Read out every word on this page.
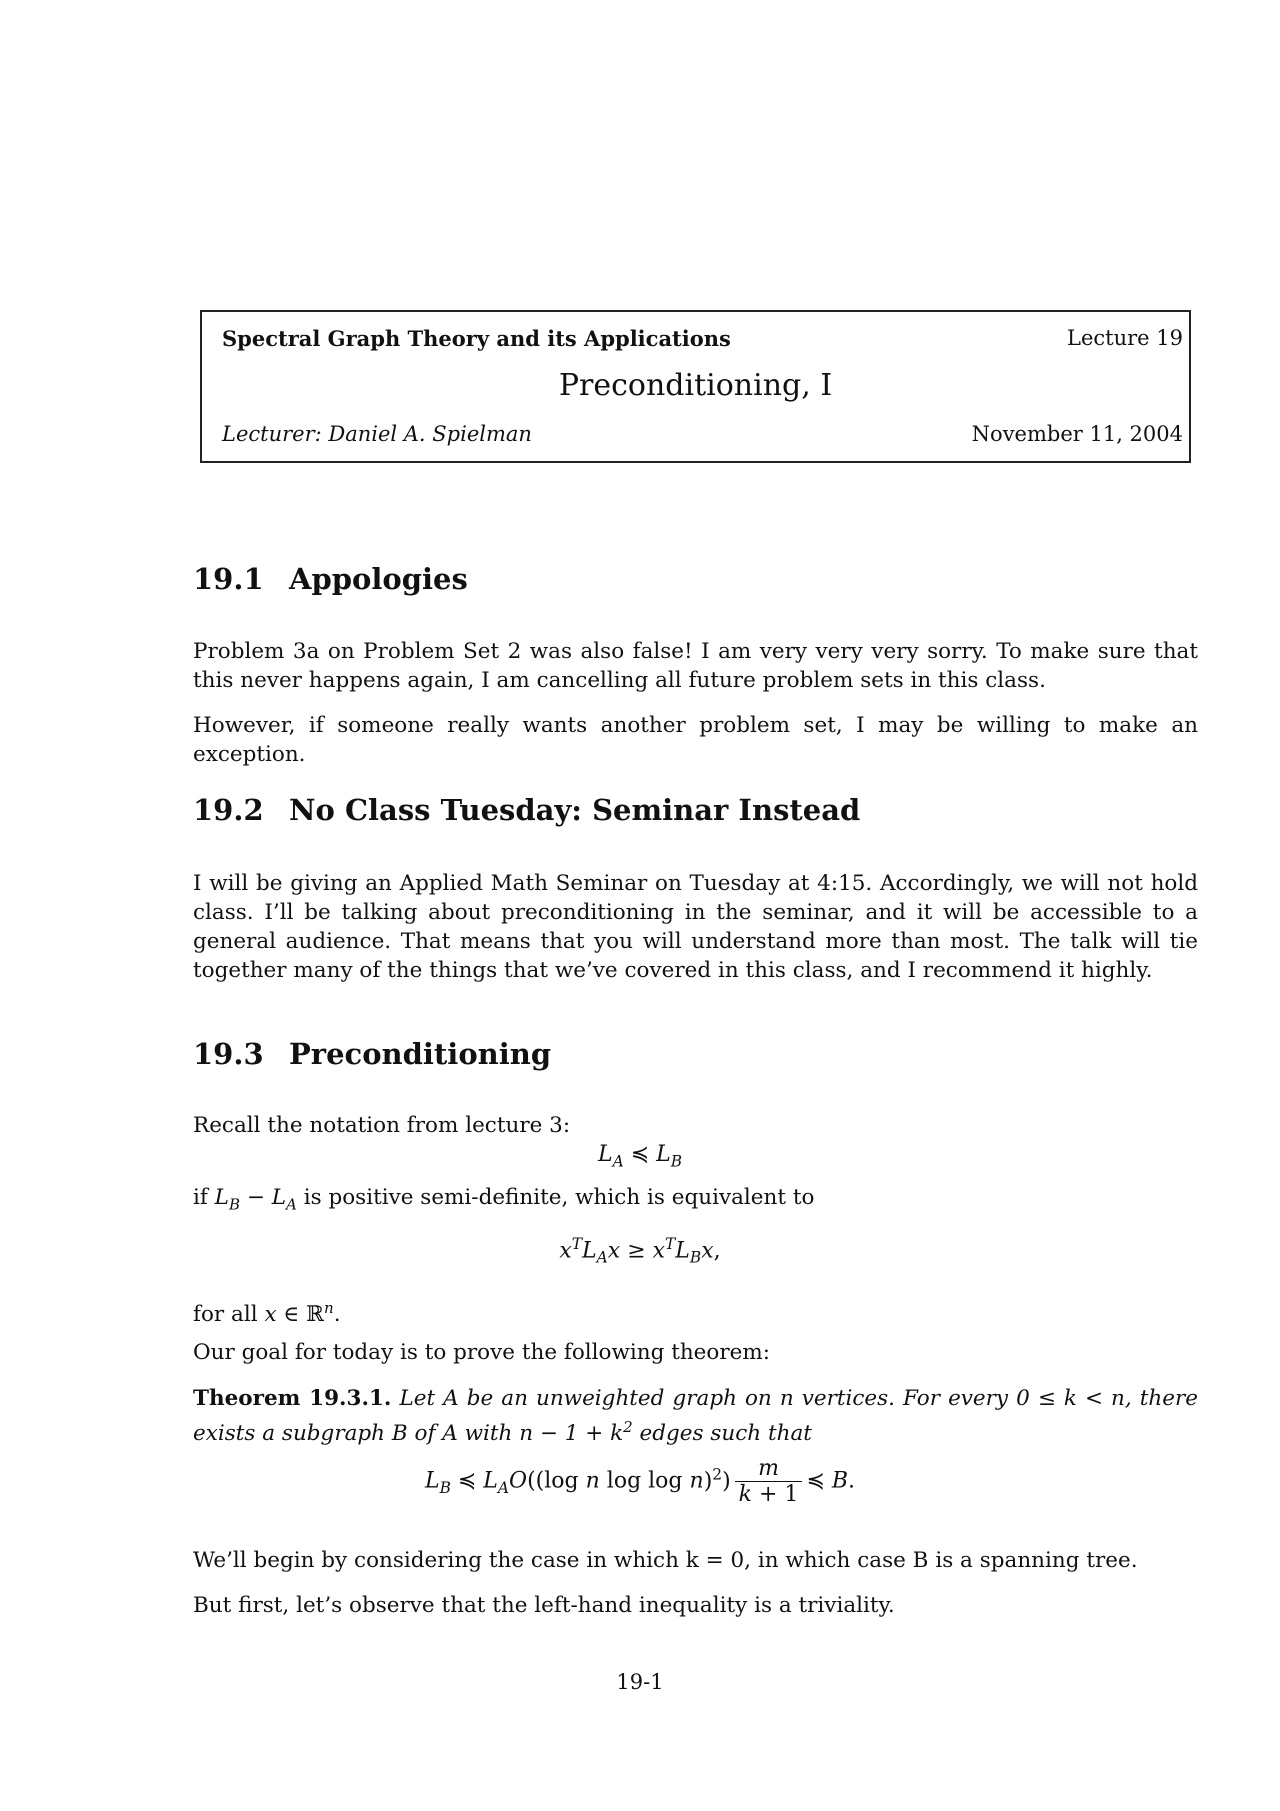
Spectral Graph Theory and its Applications	Lecture 19
Preconditioning, I
Lecturer: Daniel A. Spielman	November 11, 2004
19.1 Appologies
Problem 3a on Problem Set 2 was also false! I am very very very sorry. To make sure that this never happens again, I am cancelling all future problem sets in this class.
However, if someone really wants another problem set, I may be willing to make an exception.
19.2 No Class Tuesday: Seminar Instead
I will be giving an Applied Math Seminar on Tuesday at 4:15. Accordingly, we will not hold class. I’ll be talking about preconditioning in the seminar, and it will be accessible to a general audience. That means that you will understand more than most. The talk will tie together many of the things that we’ve covered in this class, and I recommend it highly.
19.3 Preconditioning
Recall the notation from lecture 3:
$L_A$ ≼ $L_B$
if $L_B - L_A$ is positive semi-definite, which is equivalent to
$x^TL_Ax \ge x^TL_Bx$,
for all x ∈ ℝ$^n$.
Our goal for today is to prove the following theorem:
Theorem 19.3.1. Let A be an unweighted graph on n vertices. For every 0 ≤ k < n, there exists a subgraph B of A with $n - 1 + k^2$ edges such that
$L_B$ ≼ $L_AO((\log$ n $\log \log n)^2) \frac{m}{k + 1}$ ≼ B.
We’ll begin by considering the case in which k = 0, in which case B is a spanning tree.
But first, let’s observe that the left-hand inequality is a triviality.
19-1
